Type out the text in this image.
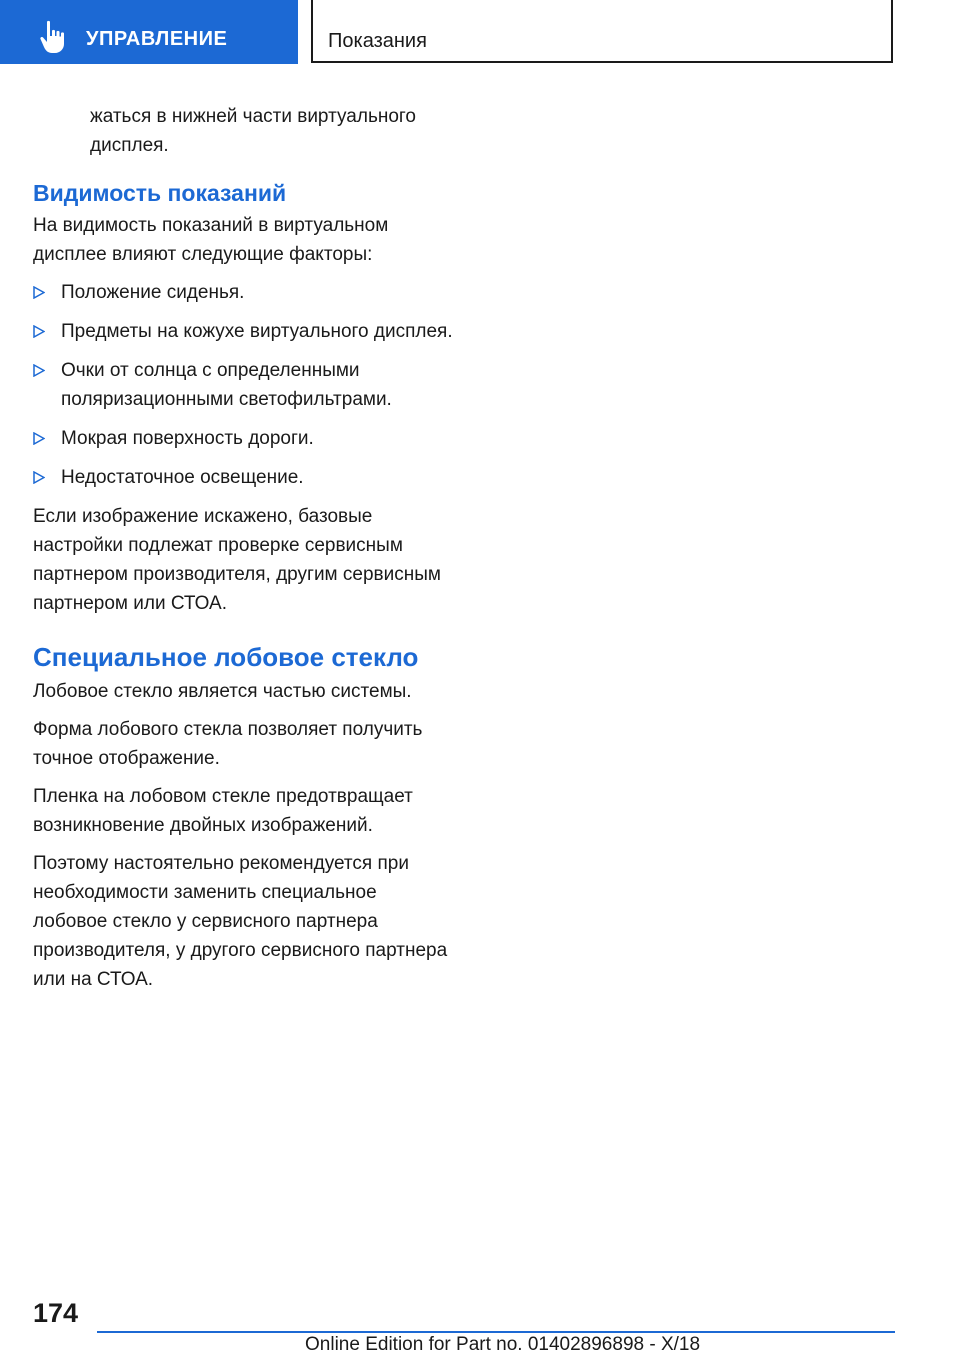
УПРАВЛЕНИЕ	Показания

жаться в нижней части виртуального дисплея.

Видимость показаний

На видимость показаний в виртуальном дисплее влияют следующие факторы:

Положение сиденья.
Предметы на кожухе виртуального дисплея.
Очки от солнца с определенными поляризационными светофильтрами.
Мокрая поверхность дороги.
Недостаточное освещение.

Если изображение искажено, базовые настройки подлежат проверке сервисным партнером производителя, другим сервисным партнером или СТОА.

Специальное лобовое стекло

Лобовое стекло является частью системы.

Форма лобового стекла позволяет получить точное отображение.

Пленка на лобовом стекле предотвращает возникновение двойных изображений.

Поэтому настоятельно рекомендуется при необходимости заменить специальное лобовое стекло у сервисного партнера производителя, у другого сервисного партнера или на СТОА.

174
Online Edition for Part no. 01402896898 - X/18
